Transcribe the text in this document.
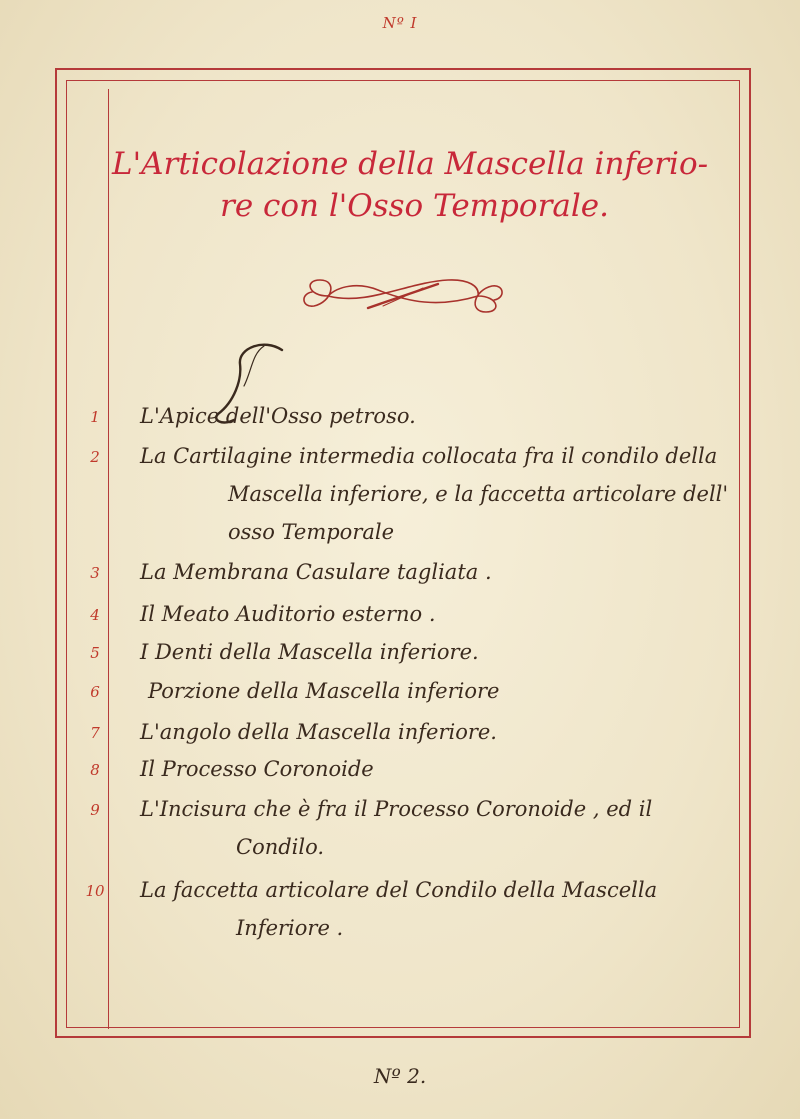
Nº I
L'Articolazione della Mascella inferio-
re con l'Osso Temporale.
1	L'Apice dell'Osso petroso.
2	La Cartilagine intermedia collocata fra il condilo della
Mascella inferiore, e la faccetta articolare dell'
osso Temporale
3	La Membrana Casulare tagliata .
4	Il Meato Auditorio esterno .
5	I Denti della Mascella inferiore.
6	Porzione della Mascella inferiore
7	L'angolo della Mascella inferiore.
8	Il Processo Coronoide
9	L'Incisura che è fra il Processo Coronoide , ed il
Condilo.
10	La faccetta articolare del Condilo della Mascella
Inferiore .
Nº 2.
